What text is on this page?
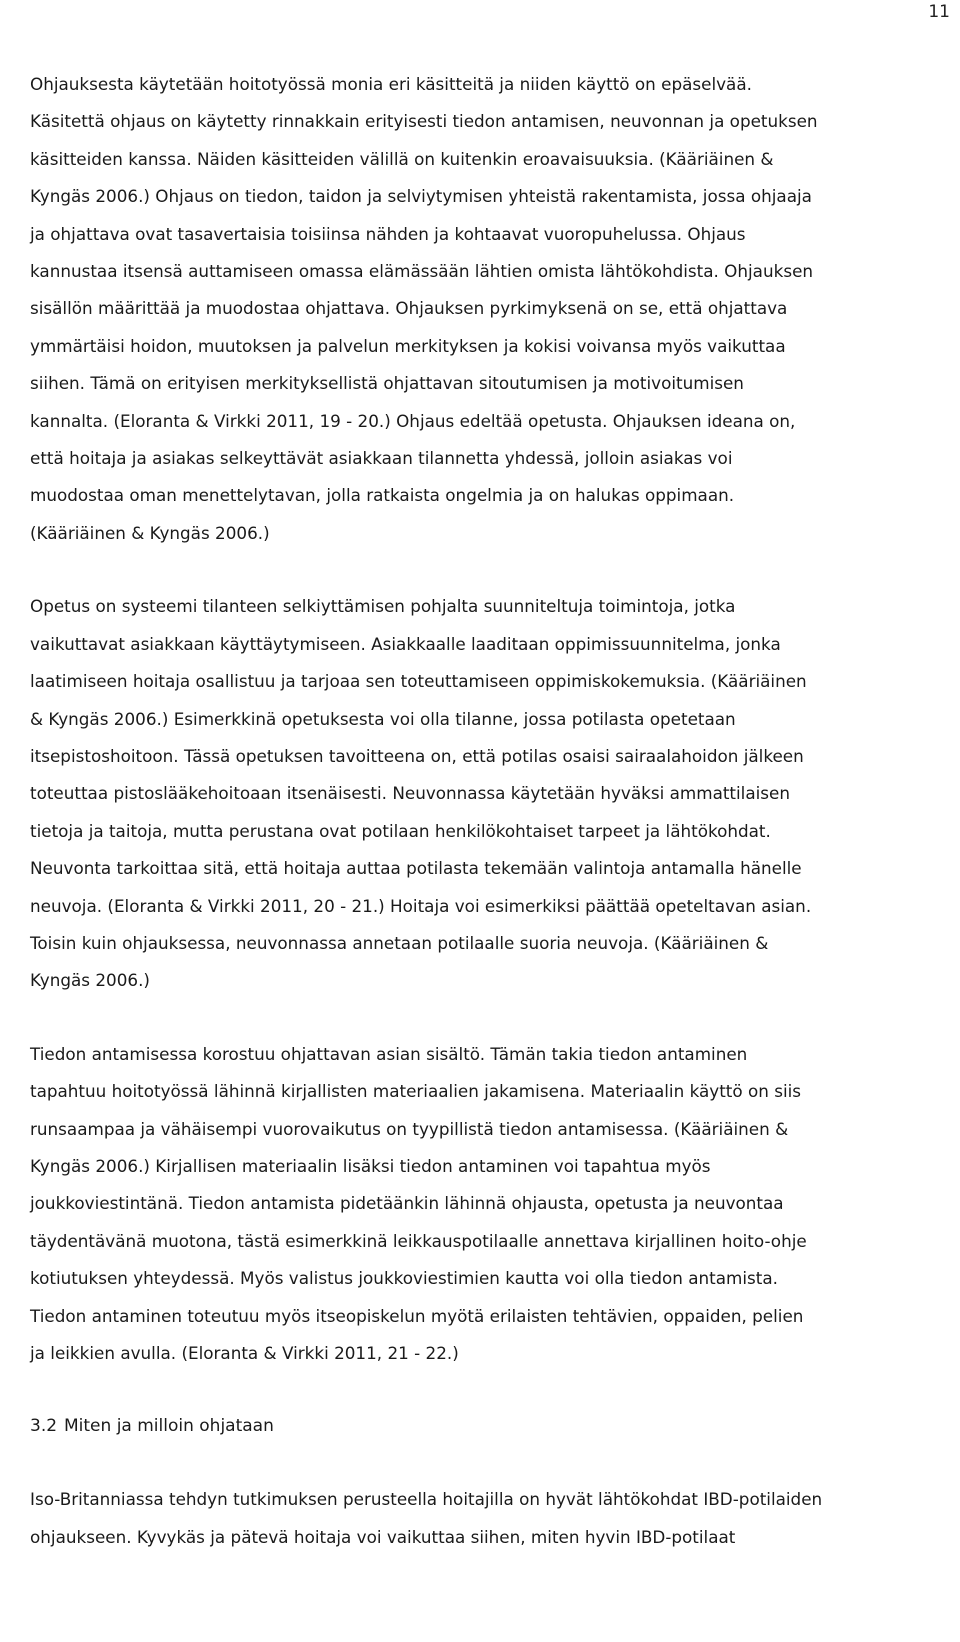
11

Ohjauksesta käytetään hoitotyössä monia eri käsitteitä ja niiden käyttö on epäselvää.
Käsitettä ohjaus on käytetty rinnakkain erityisesti tiedon antamisen, neuvonnan ja opetuksen
käsitteiden kanssa. Näiden käsitteiden välillä on kuitenkin eroavaisuuksia. (Kääriäinen &
Kyngäs 2006.) Ohjaus on tiedon, taidon ja selviytymisen yhteistä rakentamista, jossa ohjaaja
ja ohjattava ovat tasavertaisia toisiinsa nähden ja kohtaavat vuoropuhelussa. Ohjaus
kannustaa itsensä auttamiseen omassa elämässään lähtien omista lähtökohdista. Ohjauksen
sisällön määrittää ja muodostaa ohjattava. Ohjauksen pyrkimyksenä on se, että ohjattava
ymmärtäisi hoidon, muutoksen ja palvelun merkityksen ja kokisi voivansa myös vaikuttaa
siihen. Tämä on erityisen merkityksellistä ohjattavan sitoutumisen ja motivoitumisen
kannalta. (Eloranta & Virkki 2011, 19 - 20.) Ohjaus edeltää opetusta. Ohjauksen ideana on,
että hoitaja ja asiakas selkeyttävät asiakkaan tilannetta yhdessä, jolloin asiakas voi
muodostaa oman menettelytavan, jolla ratkaista ongelmia ja on halukas oppimaan.
(Kääriäinen & Kyngäs 2006.)

Opetus on systeemi tilanteen selkiyttämisen pohjalta suunniteltuja toimintoja, jotka
vaikuttavat asiakkaan käyttäytymiseen. Asiakkaalle laaditaan oppimissuunnitelma, jonka
laatimiseen hoitaja osallistuu ja tarjoaa sen toteuttamiseen oppimiskokemuksia. (Kääriäinen
& Kyngäs 2006.) Esimerkkinä opetuksesta voi olla tilanne, jossa potilasta opetetaan
itsepistoshoitoon. Tässä opetuksen tavoitteena on, että potilas osaisi sairaalahoidon jälkeen
toteuttaa pistoslääkehoitoaan itsenäisesti. Neuvonnassa käytetään hyväksi ammattilaisen
tietoja ja taitoja, mutta perustana ovat potilaan henkilökohtaiset tarpeet ja lähtökohdat.
Neuvonta tarkoittaa sitä, että hoitaja auttaa potilasta tekemään valintoja antamalla hänelle
neuvoja. (Eloranta & Virkki 2011, 20 - 21.) Hoitaja voi esimerkiksi päättää opeteltavan asian.
Toisin kuin ohjauksessa, neuvonnassa annetaan potilaalle suoria neuvoja. (Kääriäinen &
Kyngäs 2006.)

Tiedon antamisessa korostuu ohjattavan asian sisältö. Tämän takia tiedon antaminen
tapahtuu hoitotyössä lähinnä kirjallisten materiaalien jakamisena. Materiaalin käyttö on siis
runsaampaa ja vähäisempi vuorovaikutus on tyypillistä tiedon antamisessa. (Kääriäinen &
Kyngäs 2006.) Kirjallisen materiaalin lisäksi tiedon antaminen voi tapahtua myös
joukkoviestintänä. Tiedon antamista pidetäänkin lähinnä ohjausta, opetusta ja neuvontaa
täydentävänä muotona, tästä esimerkkinä leikkauspotilaalle annettava kirjallinen hoito-ohje
kotiutuksen yhteydessä. Myös valistus joukkoviestimien kautta voi olla tiedon antamista.
Tiedon antaminen toteutuu myös itseopiskelun myötä erilaisten tehtävien, oppaiden, pelien
ja leikkien avulla. (Eloranta & Virkki 2011, 21 - 22.)

3.2 Miten ja milloin ohjataan

Iso-Britanniassa tehdyn tutkimuksen perusteella hoitajilla on hyvät lähtökohdat IBD-potilaiden
ohjaukseen. Kyvykäs ja pätevä hoitaja voi vaikuttaa siihen, miten hyvin IBD-potilaat
